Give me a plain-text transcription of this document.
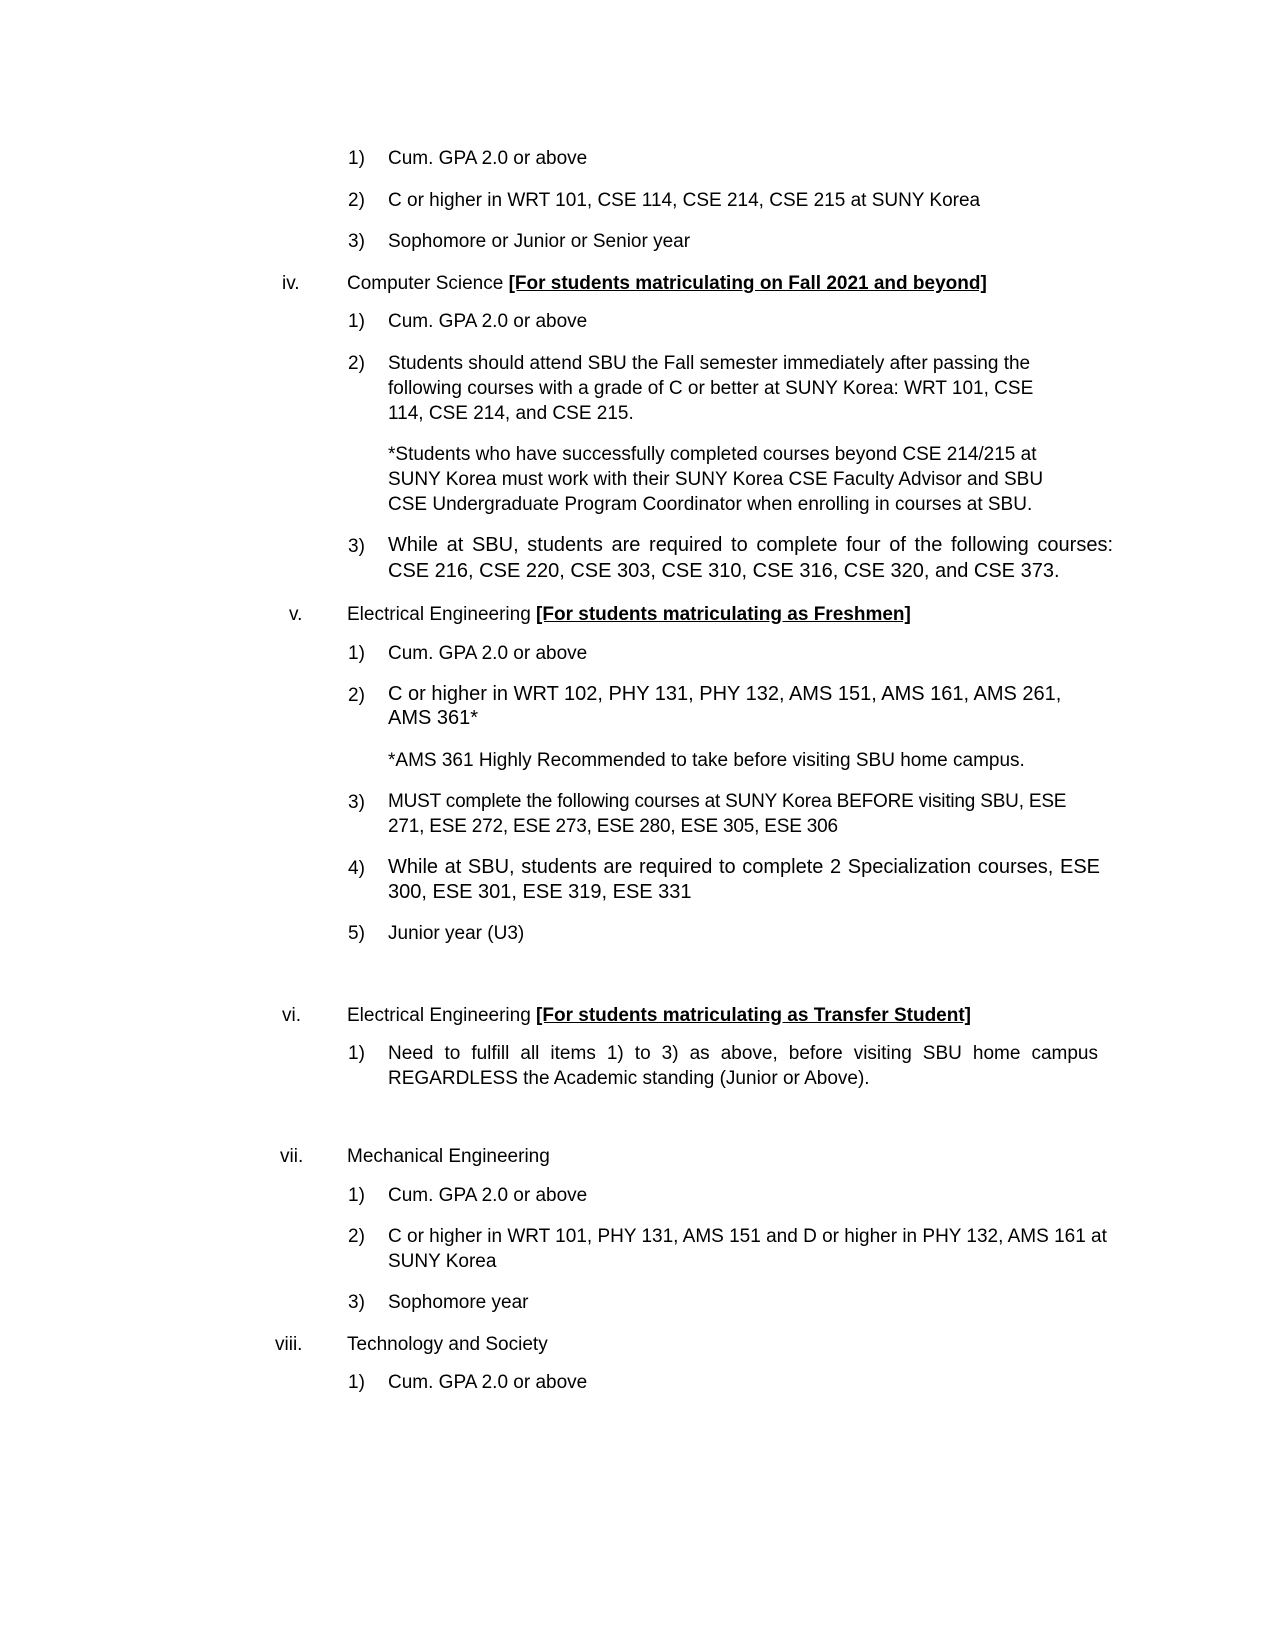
1) Cum. GPA 2.0 or above
2) C or higher in WRT 101, CSE 114, CSE 214, CSE 215 at SUNY Korea
3) Sophomore or Junior or Senior year
iv.	Computer Science [For students matriculating on Fall 2021 and beyond]
1) Cum. GPA 2.0 or above
2) Students should attend SBU the Fall semester immediately after passing the following courses with a grade of C or better at SUNY Korea: WRT 101, CSE 114, CSE 214, and CSE 215.
*Students who have successfully completed courses beyond CSE 214/215 at SUNY Korea must work with their SUNY Korea CSE Faculty Advisor and SBU CSE Undergraduate Program Coordinator when enrolling in courses at SBU.
3) While at SBU, students are required to complete four of the following courses: CSE 216, CSE 220, CSE 303, CSE 310, CSE 316, CSE 320, and CSE 373.
v.	Electrical Engineering [For students matriculating as Freshmen]
1) Cum. GPA 2.0 or above
2) C or higher in WRT 102, PHY 131, PHY 132, AMS 151, AMS 161, AMS 261, AMS 361*
*AMS 361 Highly Recommended to take before visiting SBU home campus.
3) MUST complete the following courses at SUNY Korea BEFORE visiting SBU, ESE 271, ESE 272, ESE 273, ESE 280, ESE 305, ESE 306
4) While at SBU, students are required to complete 2 Specialization courses, ESE 300, ESE 301, ESE 319, ESE 331
5) Junior year (U3)
vi.	Electrical Engineering [For students matriculating as Transfer Student]
1) Need to fulfill all items 1) to 3) as above, before visiting SBU home campus REGARDLESS the Academic standing (Junior or Above).
vii.	Mechanical Engineering
1) Cum. GPA 2.0 or above
2) C or higher in WRT 101, PHY 131, AMS 151 and D or higher in PHY 132, AMS 161 at SUNY Korea
3) Sophomore year
viii.	Technology and Society
1) Cum. GPA 2.0 or above
